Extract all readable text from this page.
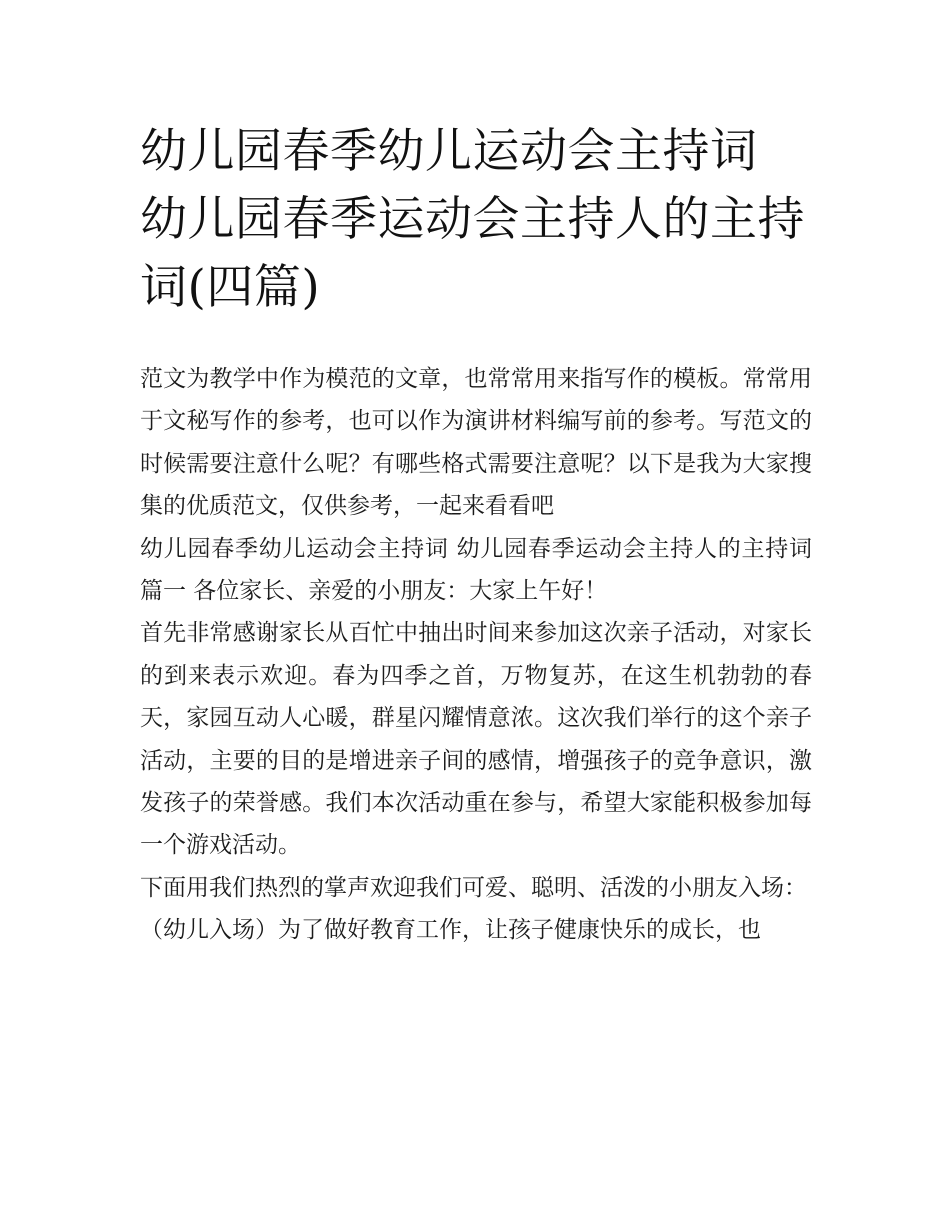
幼儿园春季幼儿运动会主持词 幼儿园春季运动会主持人的主持词(四篇)

范文为教学中作为模范的文章，也常常用来指写作的模板。常常用于文秘写作的参考，也可以作为演讲材料编写前的参考。写范文的时候需要注意什么呢？有哪些格式需要注意呢？以下是我为大家搜集的优质范文，仅供参考，一起来看看吧

幼儿园春季幼儿运动会主持词 幼儿园春季运动会主持人的主持词篇一 各位家长、亲爱的小朋友：大家上午好！

首先非常感谢家长从百忙中抽出时间来参加这次亲子活动，对家长的到来表示欢迎。春为四季之首，万物复苏，在这生机勃勃的春天，家园互动人心暖，群星闪耀情意浓。这次我们举行的这个亲子活动，主要的目的是增进亲子间的感情，增强孩子的竞争意识，激发孩子的荣誉感。我们本次活动重在参与，希望大家能积极参加每一个游戏活动。

下面用我们热烈的掌声欢迎我们可爱、聪明、活泼的小朋友入场：

（幼儿入场）为了做好教育工作，让孩子健康快乐的成长，也
